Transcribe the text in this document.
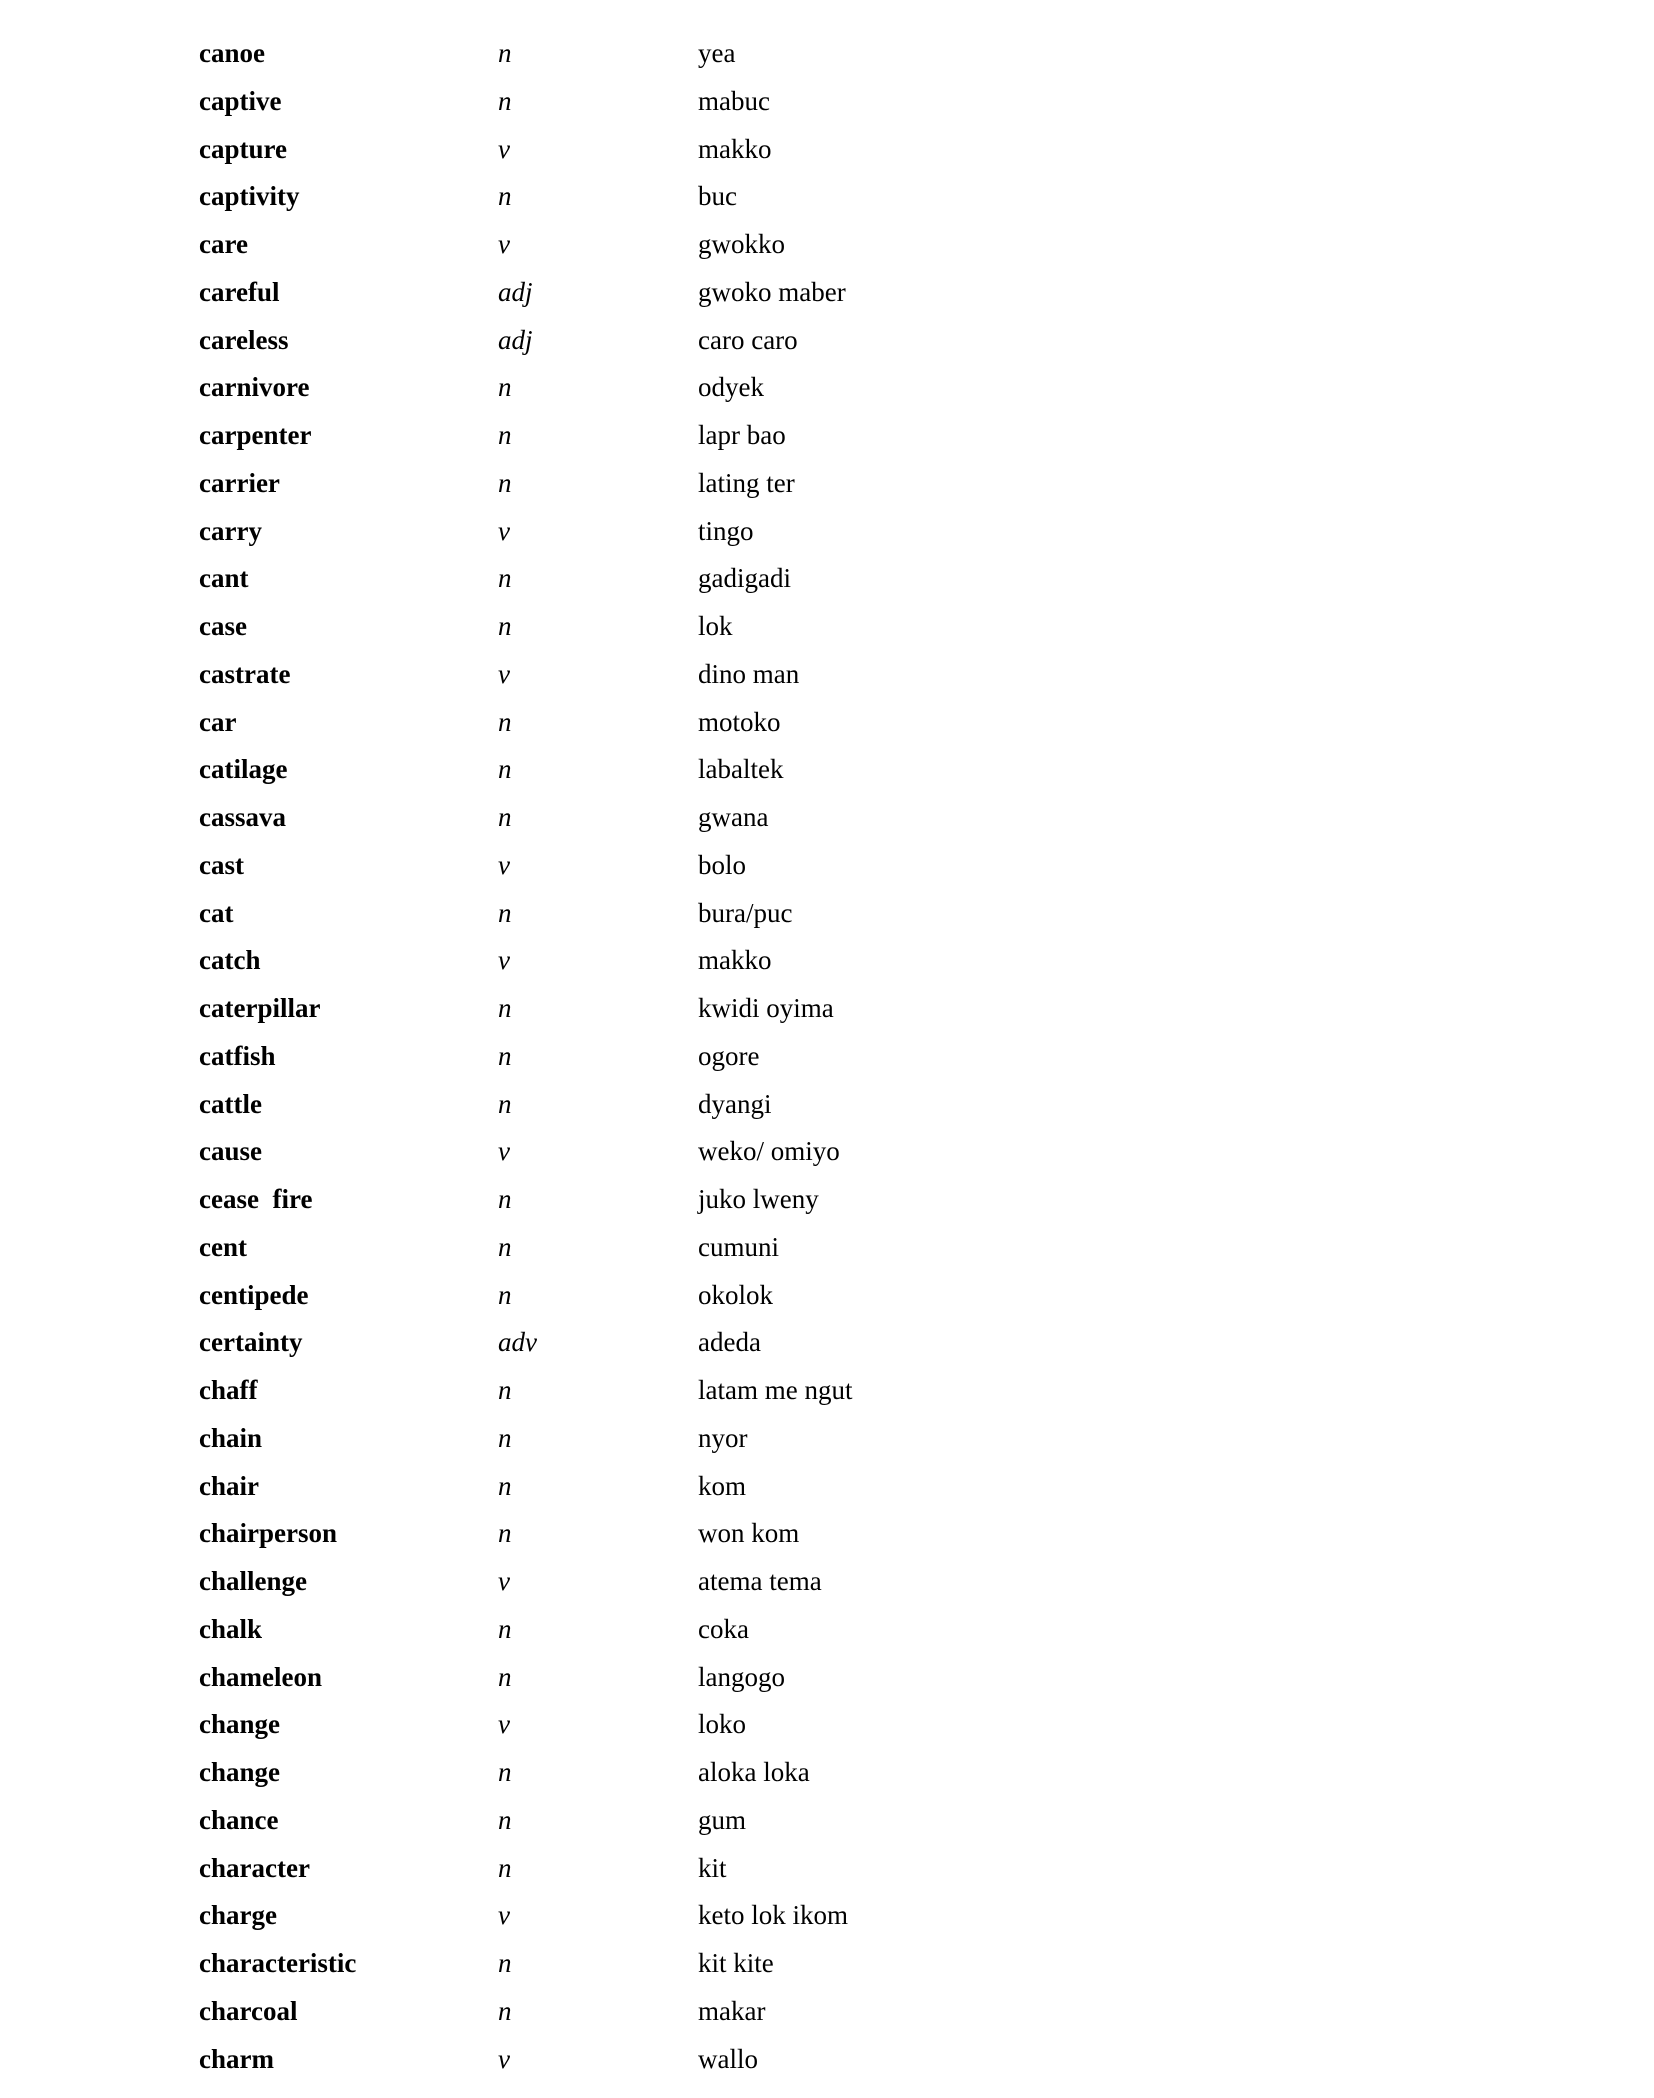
canoe	n	yea
captive	n	mabuc
capture	v	makko
captivity	n	buc
care	v	gwokko
careful	adj	gwoko maber
careless	adj	caro caro
carnivore	n	odyek
carpenter	n	lapr bao
carrier	n	lating ter
carry	v	tingo
cant	n	gadigadi
case	n	lok
castrate	v	dino man
car	n	motoko
catilage	n	labaltek
cassava	n	gwana
cast	v	bolo
cat	n	bura/puc
catch	v	makko
caterpillar	n	kwidi oyima
catfish	n	ogore
cattle	n	dyangi
cause	v	weko/ omiyo
cease  fire	n	juko lweny
cent	n	cumuni
centipede	n	okolok
certainty	adv	adeda
chaff	n	latam me ngut
chain	n	nyor
chair	n	kom
chairperson	n	won kom
challenge	v	atema tema
chalk	n	coka
chameleon	n	langogo
change	v	loko
change	n	aloka loka
chance	n	gum
character	n	kit
charge	v	keto lok ikom
characteristic	n	kit kite
charcoal	n	makar
charm	v	wallo
